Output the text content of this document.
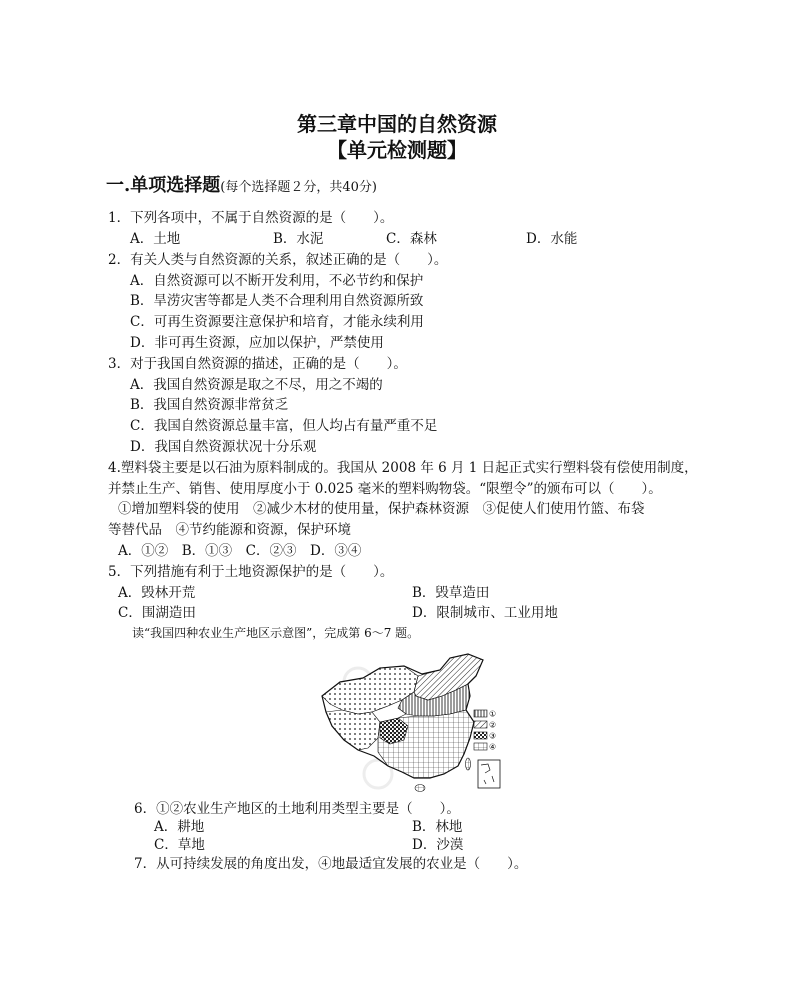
第三章中国的自然资源
【单元检测题】
一.单项选择题(每个选择题２分，共40分)
1．下列各项中，不属于自然资源的是（　　）。
A．土地	B．水泥	C．森林	D．水能
2．有关人类与自然资源的关系，叙述正确的是（　　）。
A．自然资源可以不断开发利用，不必节约和保护
B．旱涝灾害等都是人类不合理利用自然资源所致
C．可再生资源要注意保护和培育，才能永续利用
D．非可再生资源，应加以保护，严禁使用
3．对于我国自然资源的描述，正确的是（　　）。
A．我国自然资源是取之不尽，用之不竭的
B．我国自然资源非常贫乏
C．我国自然资源总量丰富，但人均占有量严重不足
D．我国自然资源状况十分乐观
4.塑料袋主要是以石油为原料制成的。我国从 2008 年 6 月 1 日起正式实行塑料袋有偿使用制度，
并禁止生产、销售、使用厚度小于 0.025 毫米的塑料购物袋。“限塑令”的颁布可以（　　）。
①增加塑料袋的使用　②减少木材的使用量，保护森林资源　③促使人们使用竹篮、布袋
等替代品　④节约能源和资源，保护环境
A．①②　B．①③　C．②③　D．③④
5．下列措施有利于土地资源保护的是（　　）。
A．毁林开荒	B．毁草造田
C．围湖造田	D．限制城市、工业用地
读“我国四种农业生产地区示意图”，完成第 6～7 题。
①
②
③
④
6．①②农业生产地区的土地利用类型主要是（　　）。
A．耕地	B．林地
C．草地	D．沙漠
7．从可持续发展的角度出发，④地最适宜发展的农业是（　　）。
